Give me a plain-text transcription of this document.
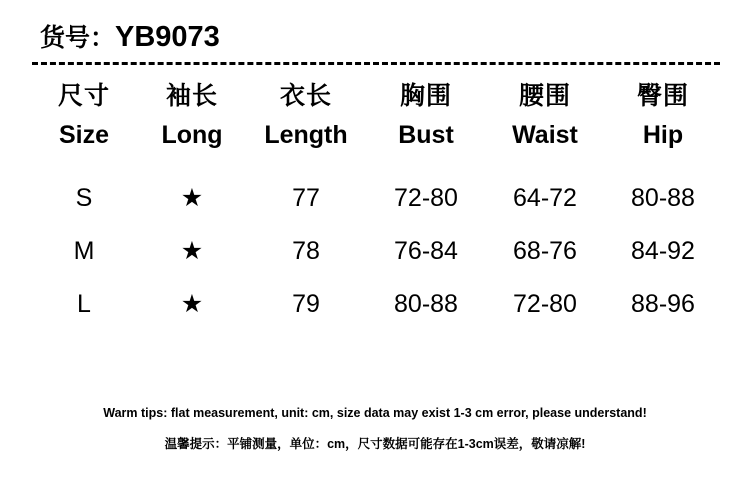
货号：YB9073
尺寸	袖长	衣长	胸围	腰围	臀围
Size	Long	Length	Bust	Waist	Hip

S	★	77	72-80	64-72	80-88
M	★	78	76-84	68-76	84-92
L	★	79	80-88	72-80	88-96
Warm tips: flat measurement, unit: cm, size data may exist 1-3 cm error, please understand!
温馨提示：平铺测量，单位：cm，尺寸数据可能存在1-3cm误差，敬请凉解!
